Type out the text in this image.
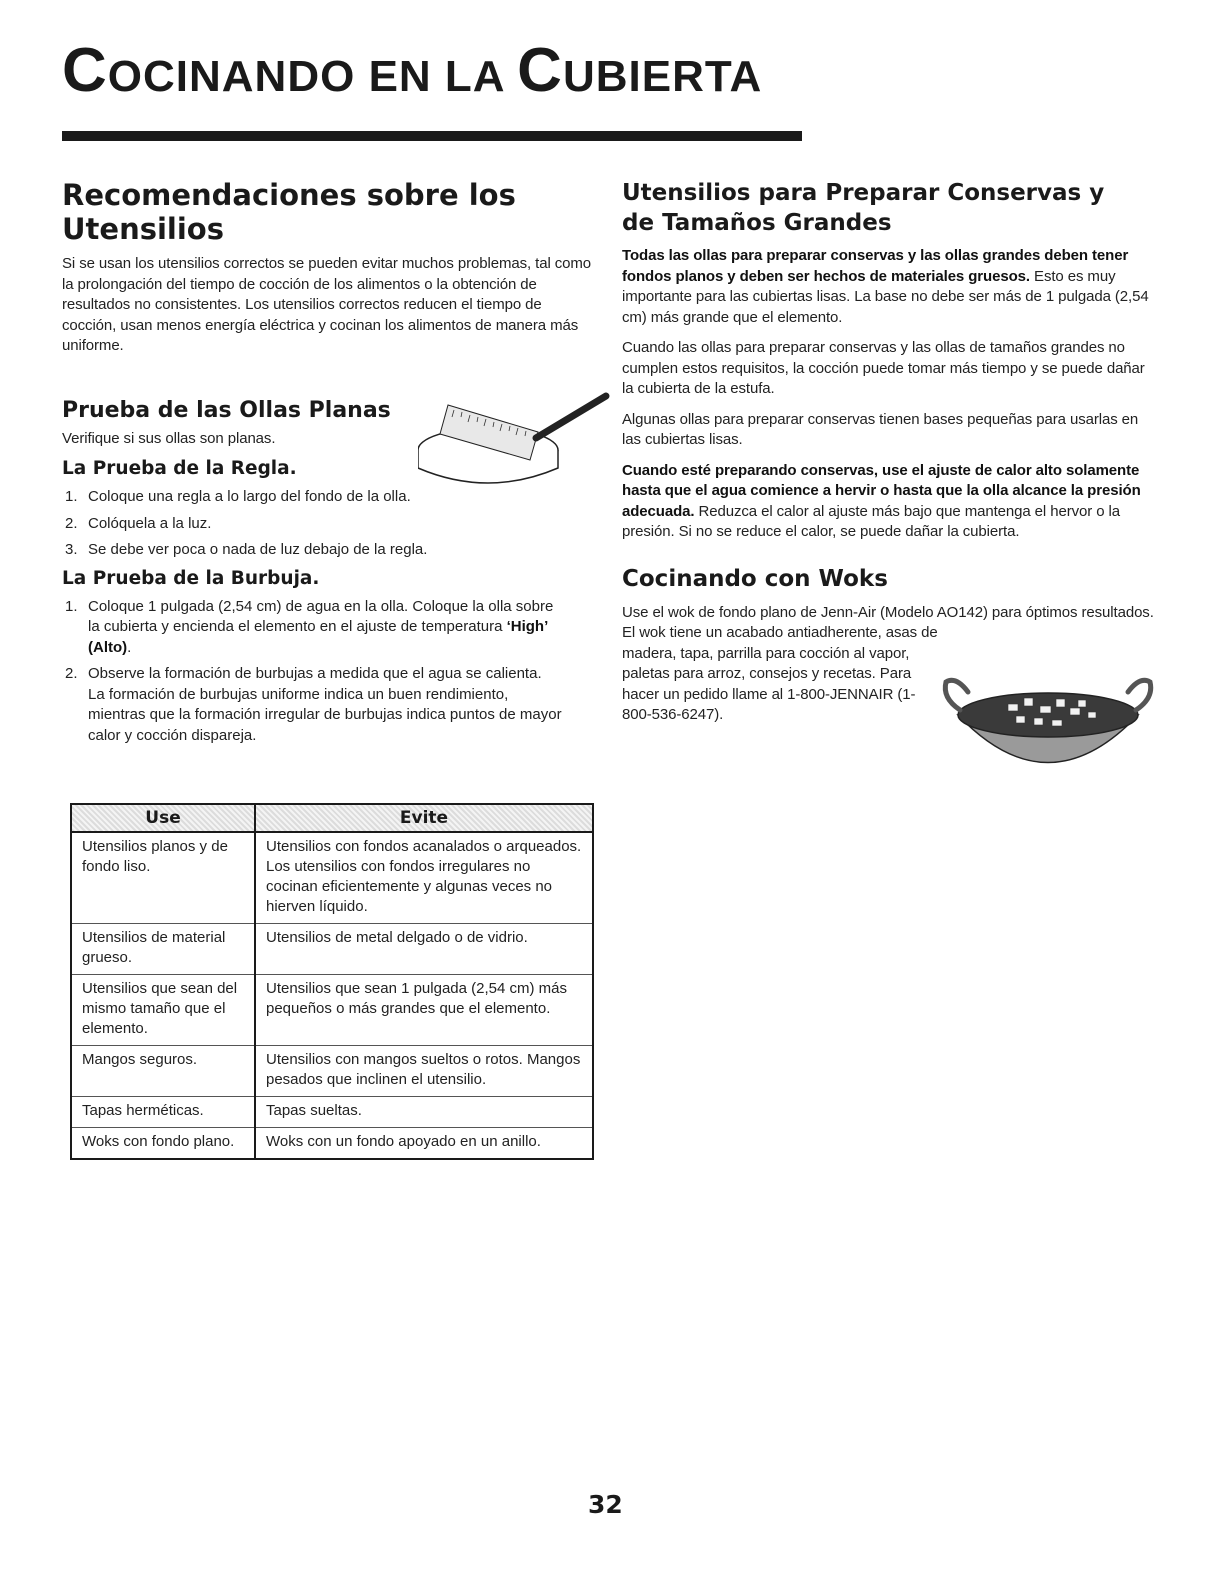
COCINANDO EN LA CUBIERTA
Recomendaciones sobre los Utensilios

Si se usan los utensilios correctos se pueden evitar muchos problemas, tal como la prolongación del tiempo de cocción de los alimentos o la obtención de resultados no consistentes. Los utensilios correctos reducen el tiempo de cocción, usan menos energía eléctrica y cocinan los alimentos de manera más uniforme.

Prueba de las Ollas Planas

Verifique si sus ollas son planas.

La Prueba de la Regla.
1. Coloque una regla a lo largo del fondo de la olla.
2. Colóquela a la luz.
3. Se debe ver poca o nada de luz debajo de la regla.
La Prueba de la Burbuja.
1. Coloque 1 pulgada (2,54 cm) de agua en la olla. Coloque la olla sobre la cubierta y encienda el elemento en el ajuste de temperatura ‘High’ (Alto).
2. Observe la formación de burbujas a medida que el agua se calienta. La formación de burbujas uniforme indica un buen rendimiento, mientras que la formación irregular de burbujas indica puntos de mayor calor y cocción dispareja.
Use	Evite
Utensilios planos y de fondo liso.	Utensilios con fondos acanalados o arqueados. Los utensilios con fondos irregulares no cocinan eficientemente y algunas veces no hierven líquido.
Utensilios de material grueso.	Utensilios de metal delgado o de vidrio.
Utensilios que sean del mismo tamaño que el elemento.	Utensilios que sean 1 pulgada (2,54 cm) más pequeños o más grandes que el elemento.
Mangos seguros.	Utensilios con mangos sueltos o rotos. Mangos pesados que inclinen el utensilio.
Tapas herméticas.	Tapas sueltas.
Woks con fondo plano.	Woks con un fondo apoyado en un anillo.
Utensilios para Preparar Conservas y de Tamaños Grandes

Todas las ollas para preparar conservas y las ollas grandes deben tener fondos planos y deben ser hechos de materiales gruesos. Esto es muy importante para las cubiertas lisas. La base no debe ser más de 1 pulgada (2,54 cm) más grande que el elemento.

Cuando las ollas para preparar conservas y las ollas de tamaños grandes no cumplen estos requisitos, la cocción puede tomar más tiempo y se puede dañar la cubierta de la estufa.

Algunas ollas para preparar conservas tienen bases pequeñas para usarlas en las cubiertas lisas.

Cuando esté preparando conservas, use el ajuste de calor alto solamente hasta que el agua comience a hervir o hasta que la olla alcance la presión adecuada. Reduzca el calor al ajuste más bajo que mantenga el hervor o la presión. Si no se reduce el calor, se puede dañar la cubierta.

Cocinando con Woks

Use el wok de fondo plano de Jenn-Air (Modelo AO142) para óptimos resultados. El wok tiene un acabado antiadherente, asas de

madera, tapa, parrilla para cocción al vapor, paletas para arroz, consejos y recetas. Para hacer un pedido llame al 1-800-JENNAIR (1-800-536-6247).

32
